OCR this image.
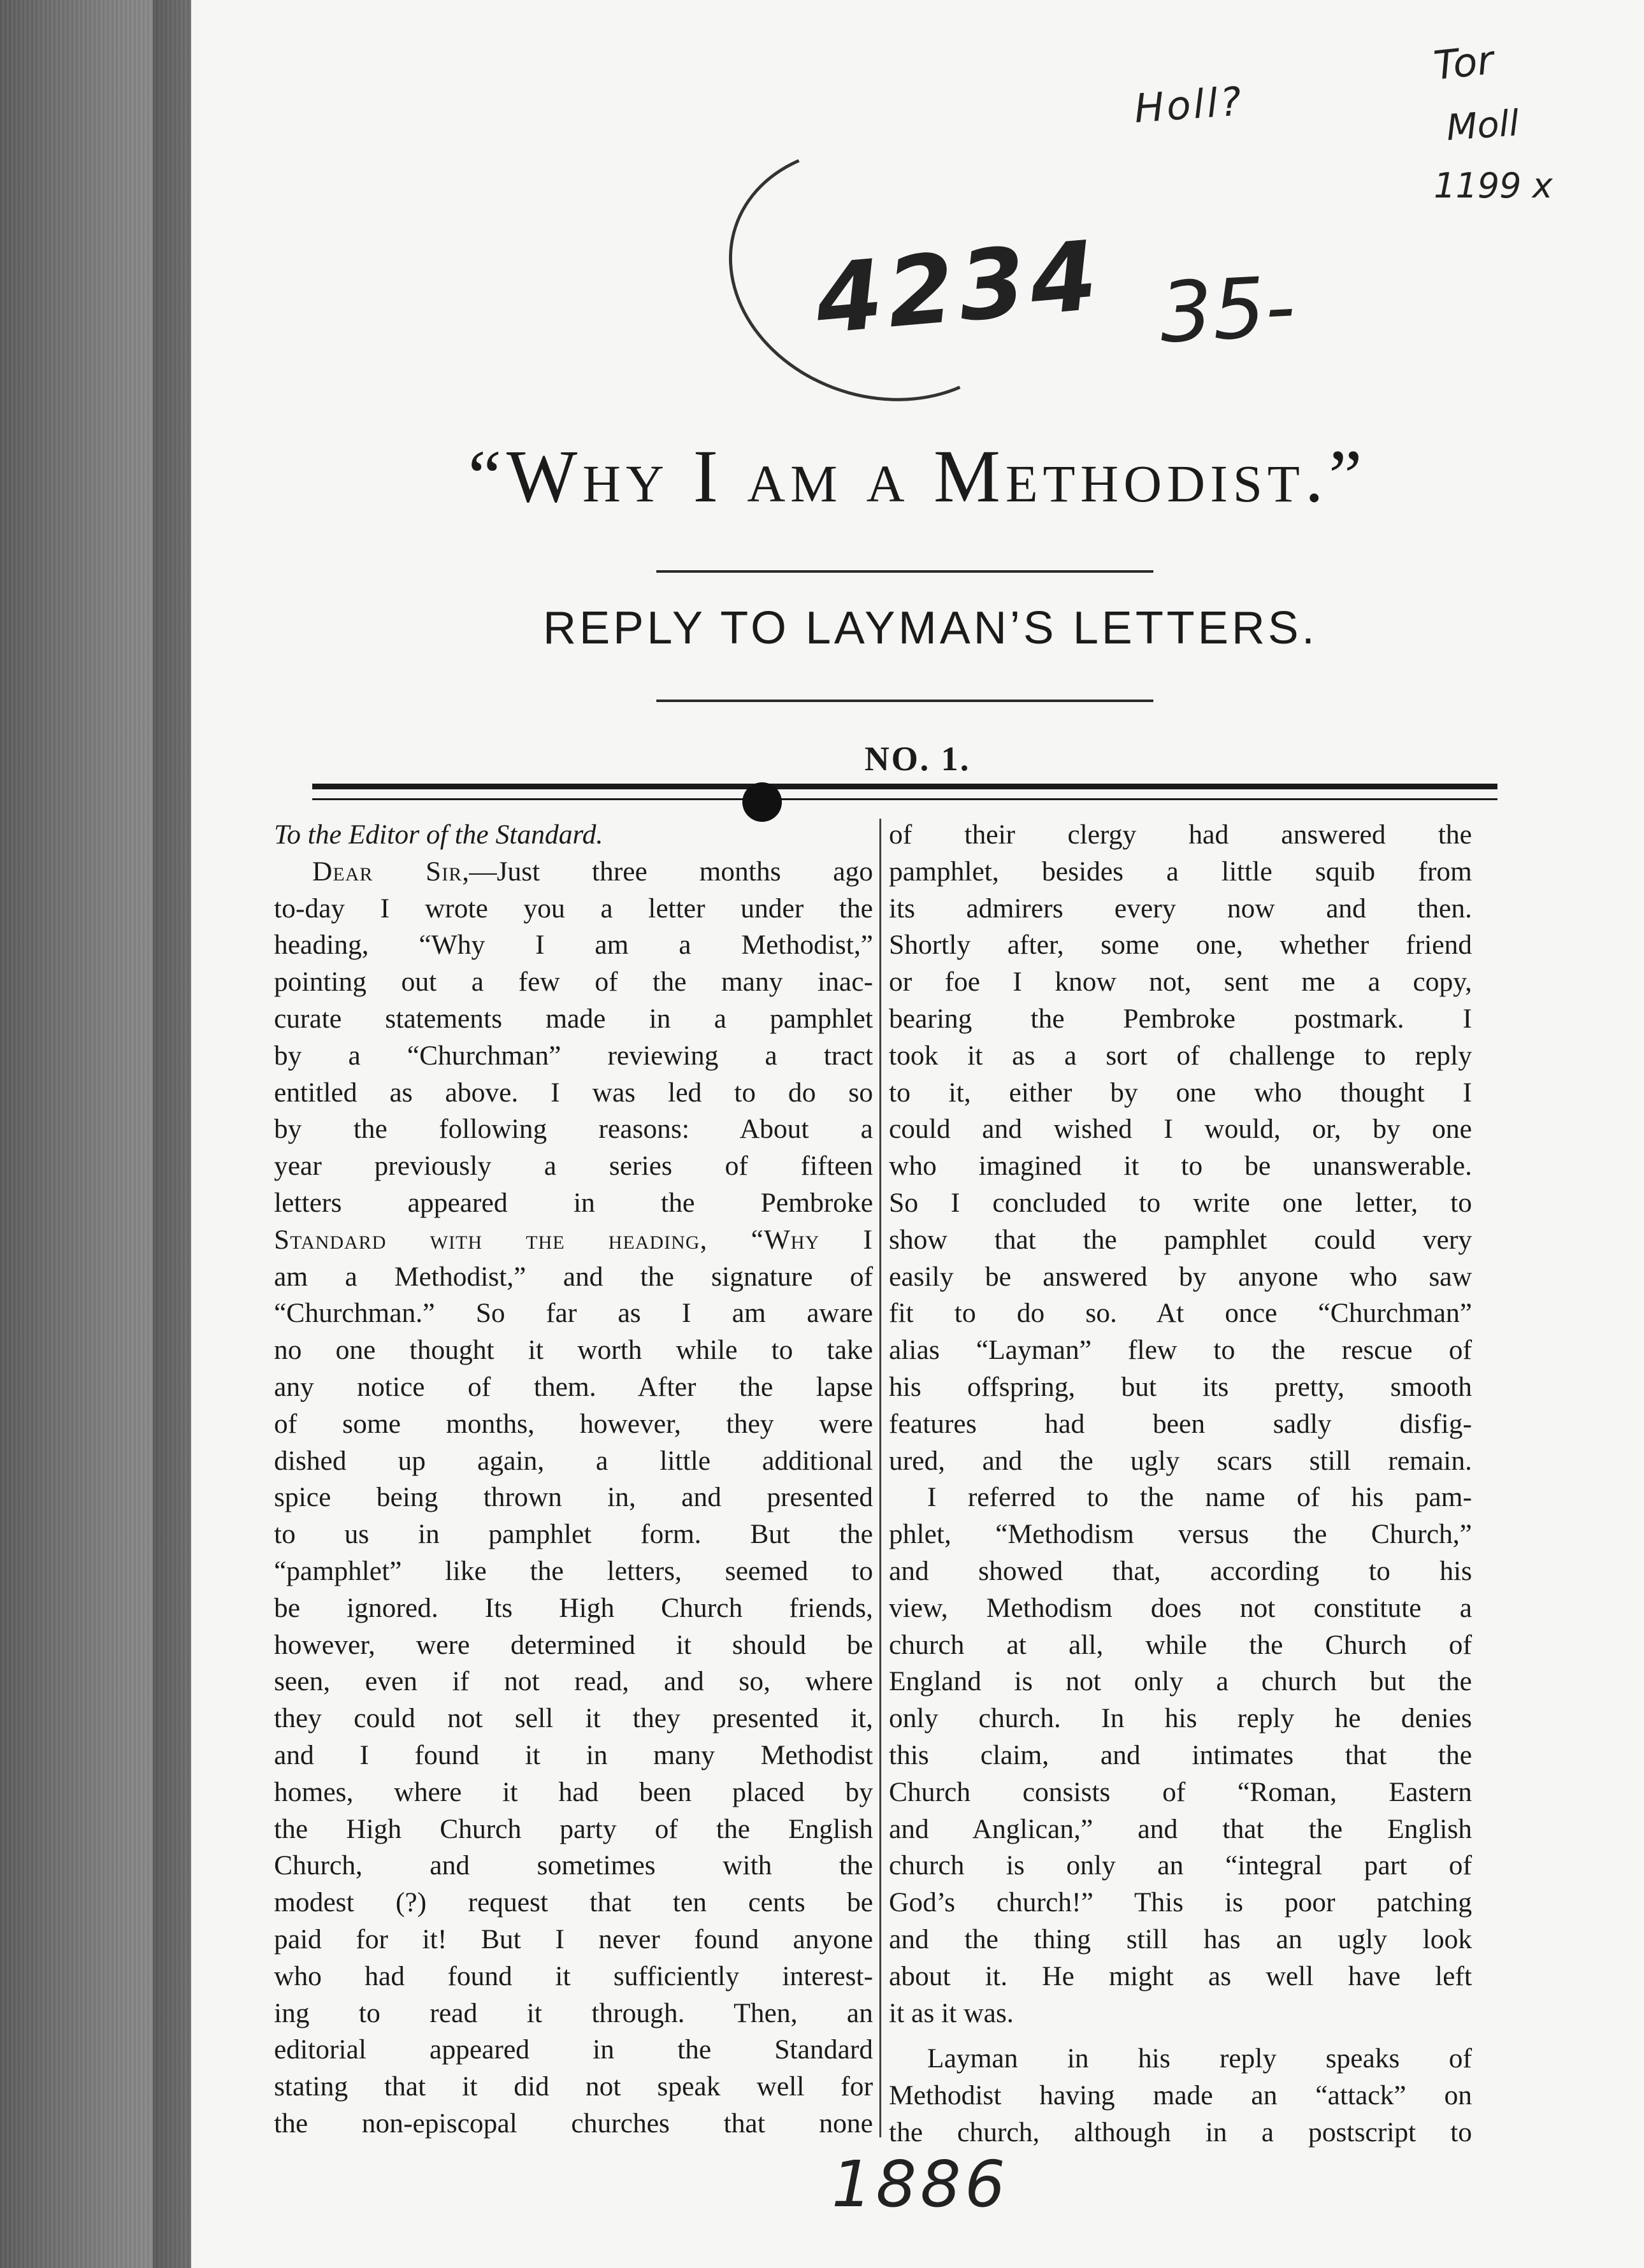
Holl?
Tor
Moll
1199 x
4234 35-
“Why I am a Methodist.”
REPLY TO LAYMAN’S LETTERS.
NO. 1.

To the Editor of the Standard.

Dear Sir,—Just three months ago

to-day I wrote you a letter under the

heading, “Why I am a Methodist,”

pointing out a few of the many inac-

curate statements made in a pamphlet

by a “Churchman” reviewing a tract

entitled as above. I was led to do so

by the following reasons: About a

year previously a series of fifteen

letters appeared in the Pembroke

Standard with the heading, “Why I

am a Methodist,” and the signature of

“Churchman.” So far as I am aware

no one thought it worth while to take

any notice of them. After the lapse

of some months, however, they were

dished up again, a little additional

spice being thrown in, and presented

to us in pamphlet form. But the

“pamphlet” like the letters, seemed to

be ignored. Its High Church friends,

however, were determined it should be

seen, even if not read, and so, where

they could not sell it they presented it,

and I found it in many Methodist

homes, where it had been placed by

the High Church party of the English

Church, and sometimes with the

modest (?) request that ten cents be

paid for it! But I never found anyone

who had found it sufficiently interest-

ing to read it through. Then, an

editorial appeared in the Standard

stating that it did not speak well for

the non-episcopal churches that none

of their clergy had answered the

pamphlet, besides a little squib from

its admirers every now and then.

Shortly after, some one, whether friend

or foe I know not, sent me a copy,

bearing the Pembroke postmark. I

took it as a sort of challenge to reply

to it, either by one who thought I

could and wished I would, or, by one

who imagined it to be unanswerable.

So I concluded to write one letter, to

show that the pamphlet could very

easily be answered by anyone who saw

fit to do so. At once “Churchman”

alias “Layman” flew to the rescue of

his offspring, but its pretty, smooth

features had been sadly disfig-

ured, and the ugly scars still remain.

I referred to the name of his pam-

phlet, “Methodism versus the Church,”

and showed that, according to his

view, Methodism does not constitute a

church at all, while the Church of

England is not only a church but the

only church. In his reply he denies

this claim, and intimates that the

Church consists of “Roman, Eastern

and Anglican,” and that the English

church is only an “integral part of

God’s church!” This is poor patching

and the thing still has an ugly look

about it. He might as well have left

it as it was.

Layman in his reply speaks of

Methodist having made an “attack” on

the church, although in a postscript to

1886
